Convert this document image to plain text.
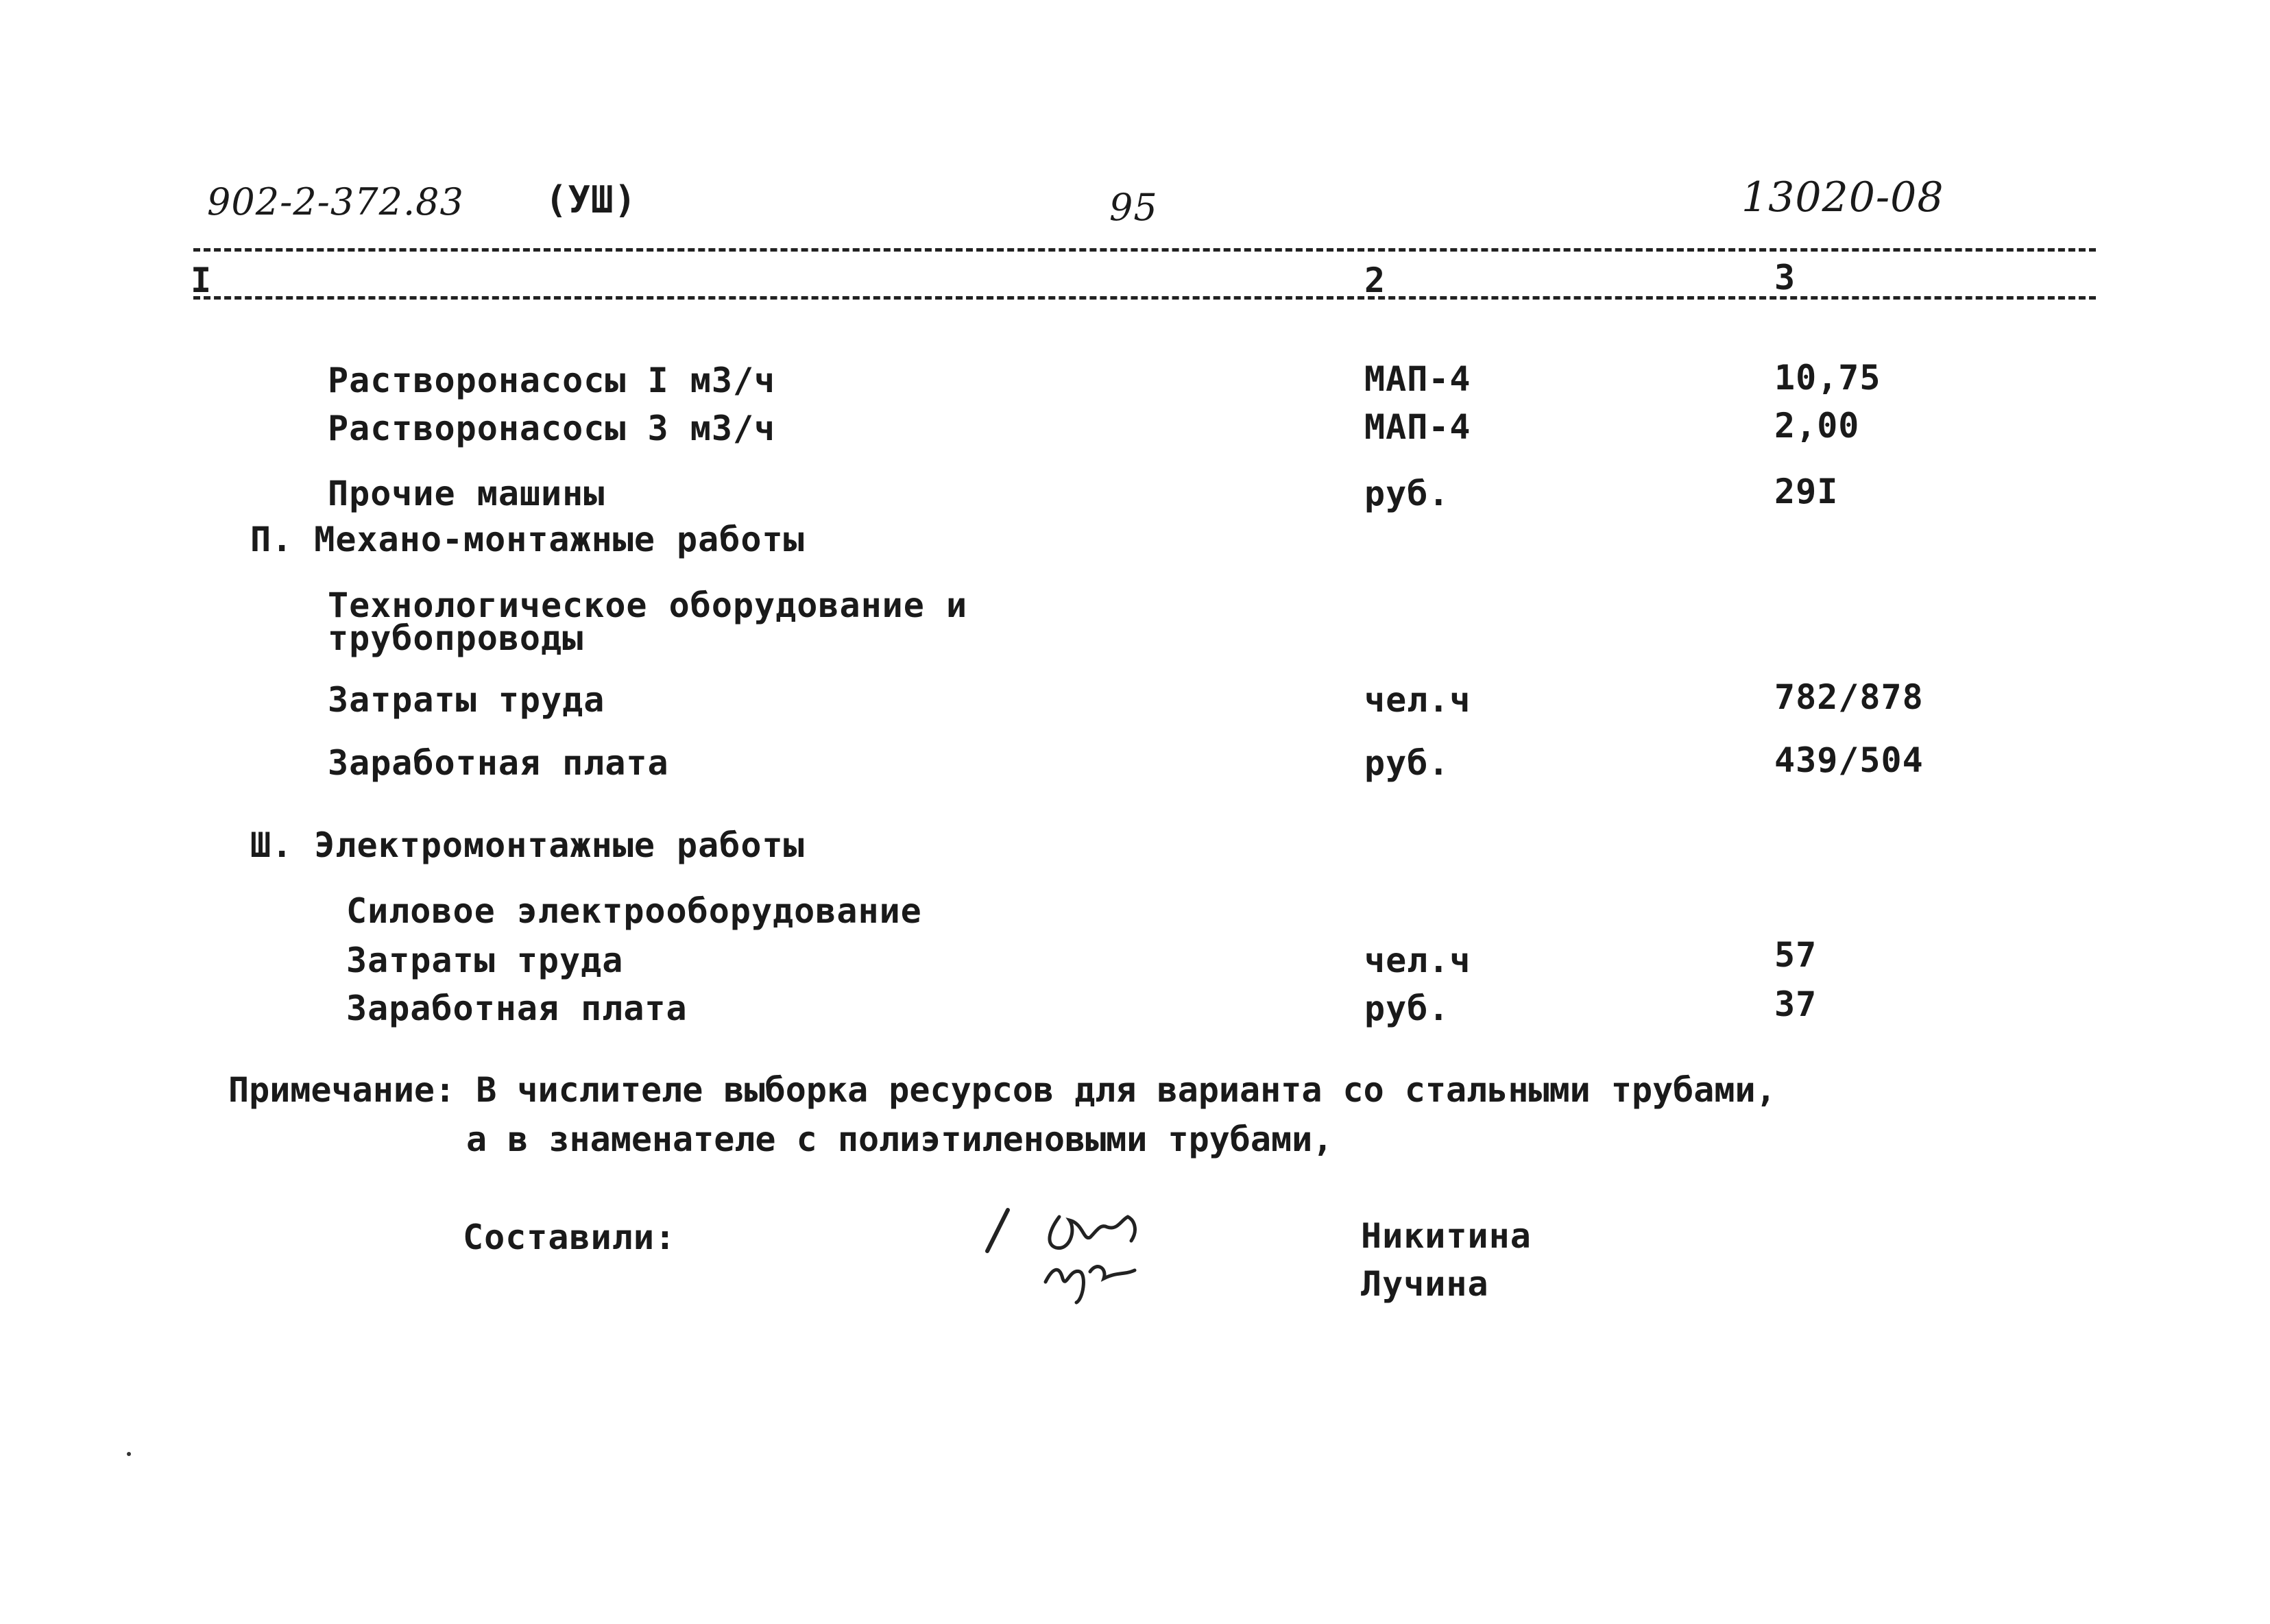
902-2-372.83 (УШ)	95	13020-08
I	2	3
Растворонасосы I м3/ч	МАП-4	10,75
Растворонасосы 3 м3/ч	МАП-4	2,00
Прочие машины	руб.	29I
П. Механо-монтажные работы
Технологическое оборудование и
трубопроводы
Затраты труда	чел.ч	782/878
Заработная плата	руб.	439/504
Ш. Электромонтажные работы
Силовое электрооборудование
Затраты труда	чел.ч	57
Заработная плата	руб.	37
Примечание: В числителе выборка ресурсов для варианта со стальными трубами,
а в знаменателе с полиэтиленовыми трубами,
Составили:	Никитина
Лучина
